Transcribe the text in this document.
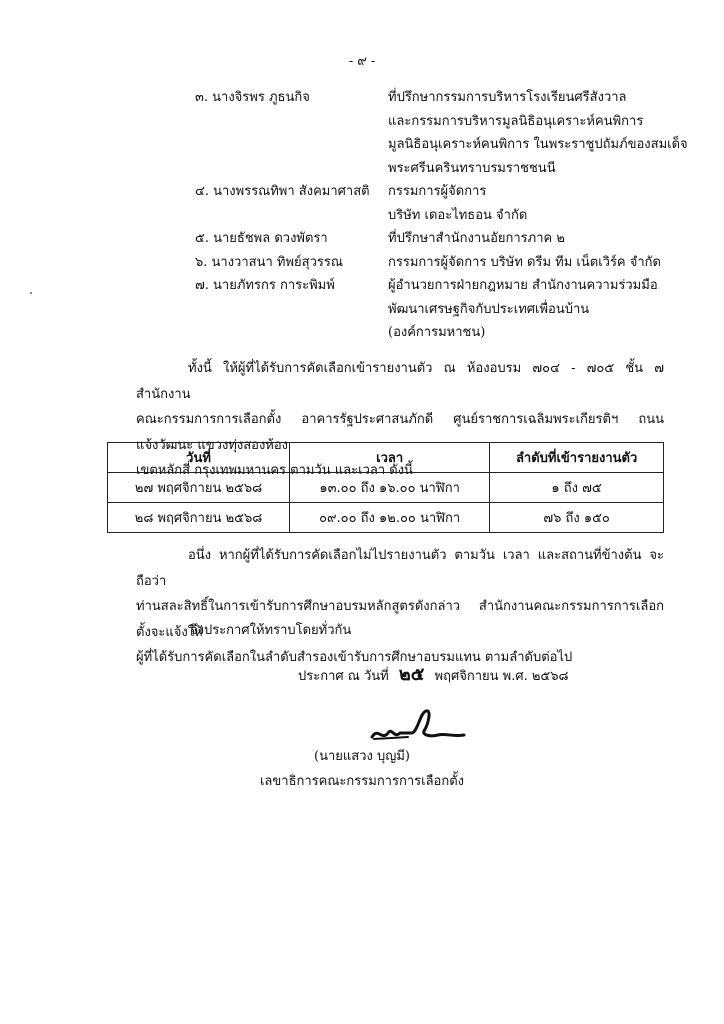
- ๙ -
๓. นางจิรพร ภูธนกิจ	ที่ปรึกษากรรมการบริหารโรงเรียนศรีสังวาล
และกรรมการบริหารมูลนิธิอนุเคราะห์คนพิการ
มูลนิธิอนุเคราะห์คนพิการ ในพระราชูปถัมภ์ของสมเด็จ
พระศรีนครินทราบรมราชชนนี
๔. นางพรรณทิพา สังคมาศาสติ	กรรมการผู้จัดการ
บริษัท เดอะไทธอน จำกัด
๕. นายธัชพล ดวงพัตรา	ที่ปรึกษาสำนักงานอัยการภาค ๒
๖. นางวาสนา ทิพย์สุวรรณ	กรรมการผู้จัดการ บริษัท ดรีม ทีม เน็ตเวิร์ค จำกัด
๗. นายภัทรกร การะพิมพ์	ผู้อำนวยการฝ่ายกฎหมาย สำนักงานความร่วมมือ
พัฒนาเศรษฐกิจกับประเทศเพื่อนบ้าน
(องค์การมหาชน)
ทั้งนี้ ให้ผู้ที่ได้รับการคัดเลือกเข้ารายงานตัว ณ ห้องอบรม ๗๐๔ - ๗๐๕ ชั้น ๗ สำนักงาน
คณะกรรมการการเลือกตั้ง อาคารรัฐประศาสนภักดี ศูนย์ราชการเฉลิมพระเกียรติฯ ถนนแจ้งวัฒนะ แขวงทุ่งสองห้อง
เขตหลักสี่ กรุงเทพมหานคร ตามวัน และเวลา ดังนี้
วันที่	เวลา	ลำดับที่เข้ารายงานตัว
๒๗ พฤศจิกายน ๒๕๖๘	๑๓.๐๐ ถึง ๑๖.๐๐ นาฬิกา	๑ ถึง ๗๕
๒๘ พฤศจิกายน ๒๕๖๘	๐๙.๐๐ ถึง ๑๒.๐๐ นาฬิกา	๗๖ ถึง ๑๕๐
อนึ่ง หากผู้ที่ได้รับการคัดเลือกไม่ไปรายงานตัว ตามวัน เวลา และสถานที่ข้างต้น จะถือว่า
ท่านสละสิทธิ์ในการเข้ารับการศึกษาอบรมหลักสูตรดังกล่าว สำนักงานคณะกรรมการการเลือกตั้งจะแจ้งให้
ผู้ที่ได้รับการคัดเลือกในลำดับสำรองเข้ารับการศึกษาอบรมแทน ตามลำดับต่อไป
จึงประกาศให้ทราบโดยทั่วกัน
ประกาศ ณ วันที่ ๒๕ พฤศจิกายน พ.ศ. ๒๕๖๘
(นายแสวง บุญมี)
เลขาธิการคณะกรรมการการเลือกตั้ง
